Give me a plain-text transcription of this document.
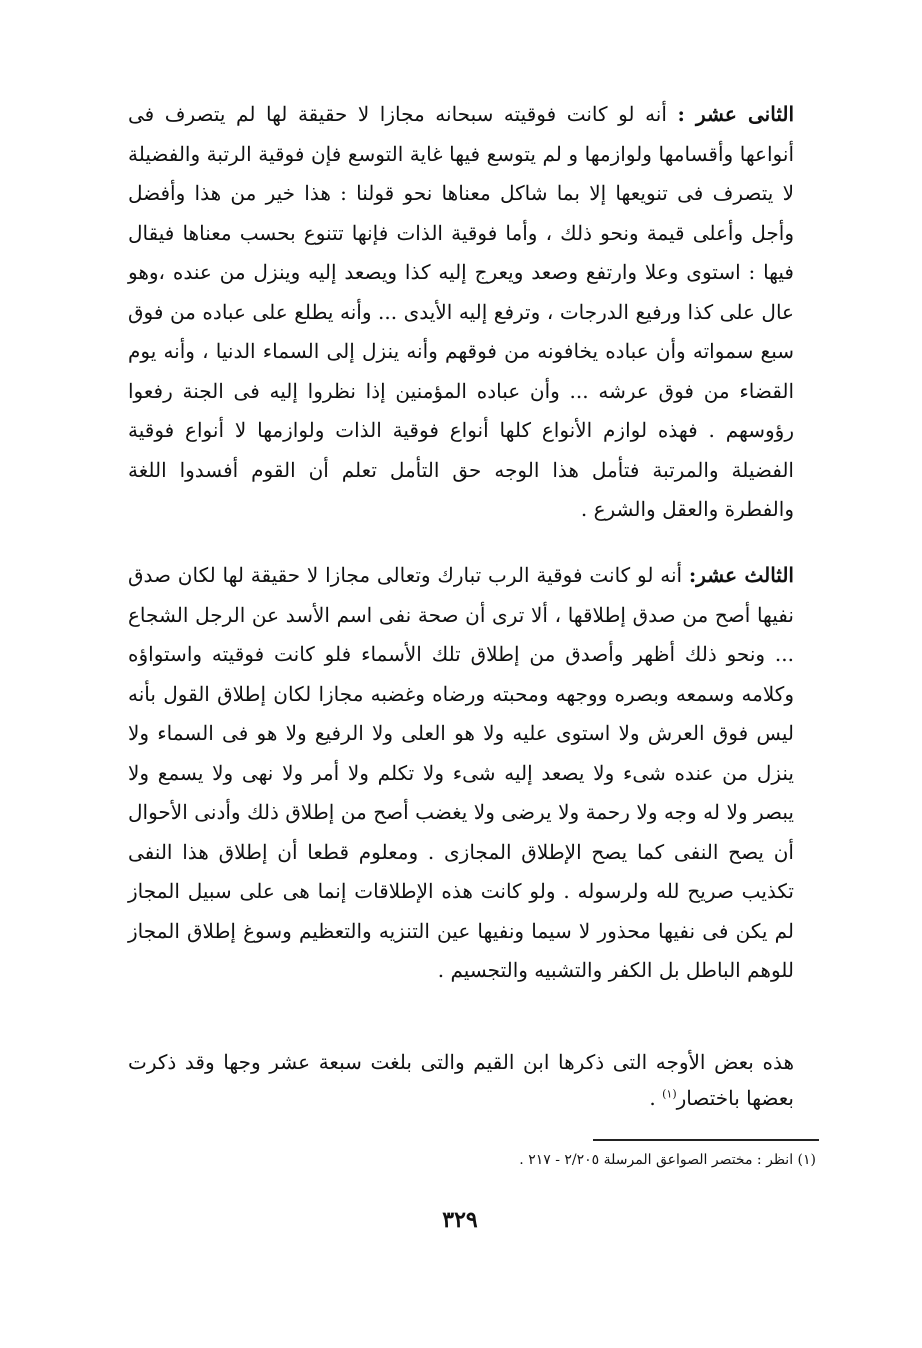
الثانى عشر : أنه لو كانت فوقيته سبحانه مجازا لا حقيقة لها لم يتصرف فى أنواعها وأقسامها ولوازمها و لم يتوسع فيها غاية التوسع فإن فوقية الرتبة والفضيلة لا يتصرف فى تنويعها إلا بما شاكل معناها نحو قولنا : هذا خير من هذا وأفضل وأجل وأعلى قيمة ونحو ذلك ، وأما فوقية الذات فإنها تتنوع بحسب معناها فيقال فيها : استوى وعلا وارتفع وصعد ويعرج إليه كذا ويصعد إليه وينزل من عنده ،وهو عال على كذا ورفيع الدرجات ، وترفع إليه الأيدى ... وأنه يطلع على عباده من فوق سبع سمواته وأن عباده يخافونه من فوقهم وأنه ينزل إلى السماء الدنيا ، وأنه يوم القضاء من فوق عرشه ... وأن عباده المؤمنين إذا نظروا إليه فى الجنة رفعوا رؤوسهم . فهذه لوازم الأنواع كلها أنواع فوقية الذات ولوازمها لا أنواع فوقية الفضيلة والمرتبة فتأمل هذا الوجه حق التأمل تعلم أن القوم أفسدوا اللغة والفطرة والعقل والشرع .

الثالث عشر: أنه لو كانت فوقية الرب تبارك وتعالى مجازا لا حقيقة لها لكان صدق نفيها أصح من صدق إطلاقها ، ألا ترى أن صحة نفى اسم الأسد عن الرجل الشجاع ... ونحو ذلك أظهر وأصدق من إطلاق تلك الأسماء فلو كانت فوقيته واستواؤه وكلامه وسمعه وبصره ووجهه ومحبته ورضاه وغضبه مجازا لكان إطلاق القول بأنه ليس فوق العرش ولا استوى عليه ولا هو العلى ولا الرفيع ولا هو فى السماء ولا ينزل من عنده شىء ولا يصعد إليه شىء ولا تكلم ولا أمر ولا نهى ولا يسمع ولا يبصر ولا له وجه ولا رحمة ولا يرضى ولا يغضب أصح من إطلاق ذلك وأدنى الأحوال أن يصح النفى كما يصح الإطلاق المجازى . ومعلوم قطعا أن إطلاق هذا النفى تكذيب صريح لله ولرسوله . ولو كانت هذه الإطلاقات إنما هى على سبيل المجاز لم يكن فى نفيها محذور لا سيما ونفيها عين التنزيه والتعظيم وسوغ إطلاق المجاز للوهم الباطل بل الكفر والتشبيه والتجسيم .

هذه بعض الأوجه التى ذكرها ابن القيم والتى بلغت سبعة عشر وجها وقد ذكرت بعضها باختصار$^{(١)}$ .

(١) انظر : مختصر الصواعق المرسلة ٢/٢٠٥ - ٢١٧ .
٣٢٩
